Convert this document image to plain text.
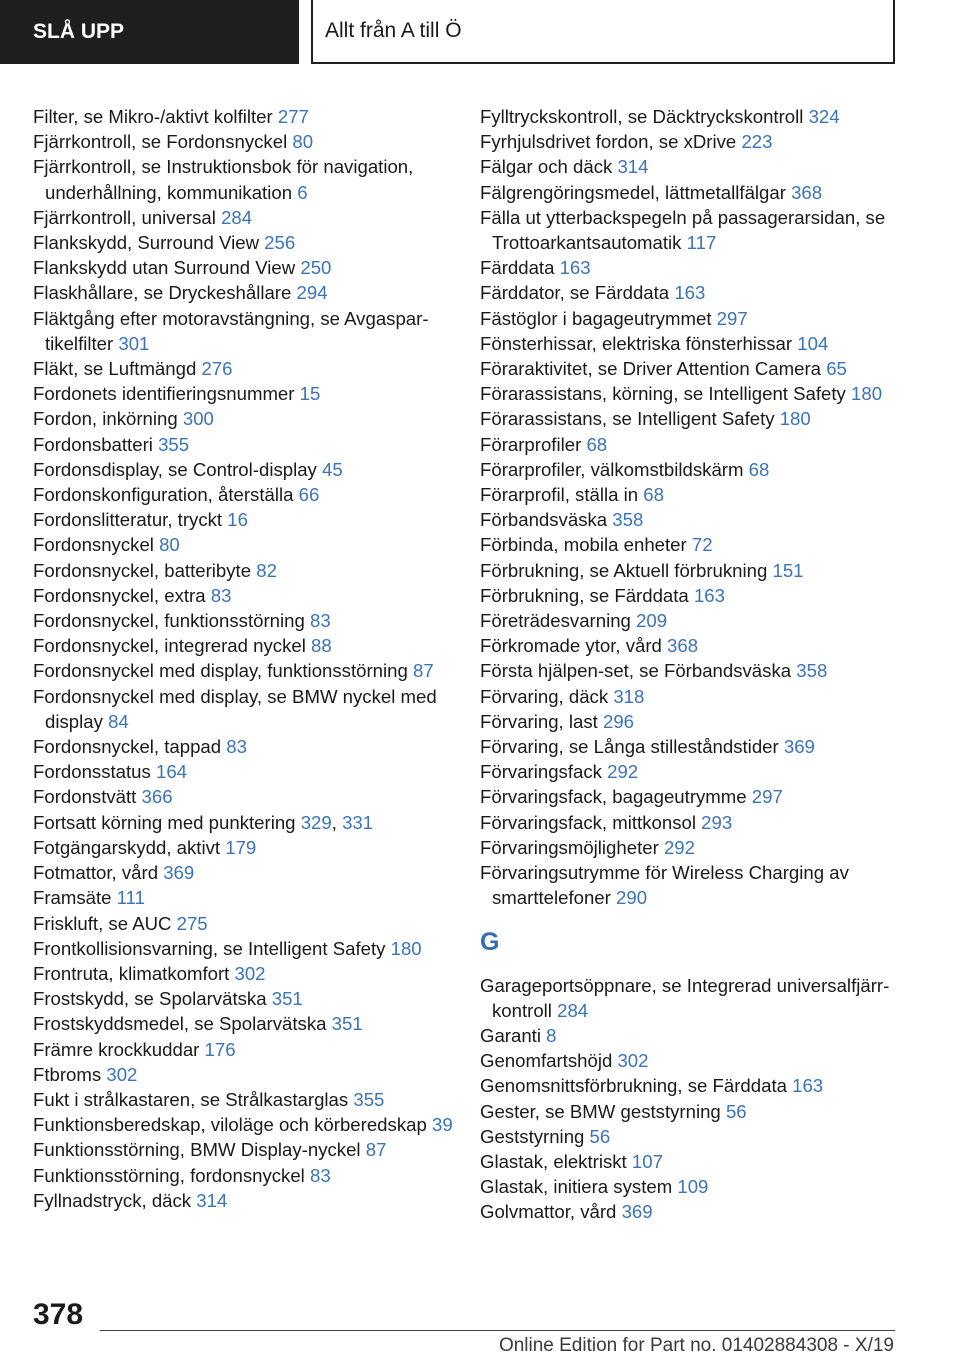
SLÅ UPP	Allt från A till Ö
Filter, se Mikro-/aktivt kolfilter 277
Fjärrkontroll, se Fordonsnyckel 80
Fjärrkontroll, se Instruktionsbok för navigation, underhållning, kommunikation 6
Fjärrkontroll, universal 284
Flankskydd, Surround View 256
Flankskydd utan Surround View 250
Flaskhållare, se Dryckeshållare 294
Fläktgång efter motoravstängning, se Avgaspartikelfilter 301
Fläkt, se Luftmängd 276
Fordonets identifieringsnummer 15
Fordon, inkörning 300
Fordonsbatteri 355
Fordonsdisplay, se Control-display 45
Fordonskonfiguration, återställa 66
Fordonslitteratur, tryckt 16
Fordonsnyckel 80
Fordonsnyckel, batteribyte 82
Fordonsnyckel, extra 83
Fordonsnyckel, funktionsstörning 83
Fordonsnyckel, integrerad nyckel 88
Fordonsnyckel med display, funktionsstörning 87
Fordonsnyckel med display, se BMW nyckel med display 84
Fordonsnyckel, tappad 83
Fordonsstatus 164
Fordonstvätt 366
Fortsatt körning med punktering 329, 331
Fotgängarskydd, aktivt 179
Fotmattor, vård 369
Framsäte 111
Friskluft, se AUC 275
Frontkollisionsvarning, se Intelligent Safety 180
Frontruta, klimatkomfort 302
Frostskydd, se Spolarvätska 351
Frostskyddsmedel, se Spolarvätska 351
Främre krockkuddar 176
Ftbroms 302
Fukt i strålkastaren, se Strålkastarglas 355
Funktionsberedskap, viloläge och körberedskap 39
Funktionsstörning, BMW Display-nyckel 87
Funktionsstörning, fordonsnyckel 83
Fyllnadstryck, däck 314
Fylltryckskontroll, se Däcktryckskontroll 324
Fyrhjulsdrivet fordon, se xDrive 223
Fälgar och däck 314
Fälgrengöringsmedel, lättmetallfälgar 368
Fälla ut ytterbackspegeln på passagerarsidan, se Trottoarkantsautomatik 117
Färddata 163
Färddator, se Färddata 163
Fästöglor i bagageutrymmet 297
Fönsterhissar, elektriska fönsterhissar 104
Föraraktivitet, se Driver Attention Camera 65
Förarassistans, körning, se Intelligent Safety 180
Förarassistans, se Intelligent Safety 180
Förarprofiler 68
Förarprofiler, välkomstbildskärm 68
Förarprofil, ställa in 68
Förbandsväska 358
Förbinda, mobila enheter 72
Förbrukning, se Aktuell förbrukning 151
Förbrukning, se Färddata 163
Företrädesvarning 209
Förkromade ytor, vård 368
Första hjälpen-set, se Förbandsväska 358
Förvaring, däck 318
Förvaring, last 296
Förvaring, se Långa stilleståndstider 369
Förvaringsfack 292
Förvaringsfack, bagageutrymme 297
Förvaringsfack, mittkonsol 293
Förvaringsmöjligheter 292
Förvaringsutrymme för Wireless Charging av smarttelefoner 290
G
Garageportsöppnare, se Integrerad universalfjärrkontroll 284
Garanti 8
Genomfartshöjd 302
Genomsnittsförbrukning, se Färddata 163
Gester, se BMW geststyrning 56
Geststyrning 56
Glastak, elektriskt 107
Glastak, initiera system 109
Golvmattor, vård 369
378
Online Edition for Part no. 01402884308 - X/19
